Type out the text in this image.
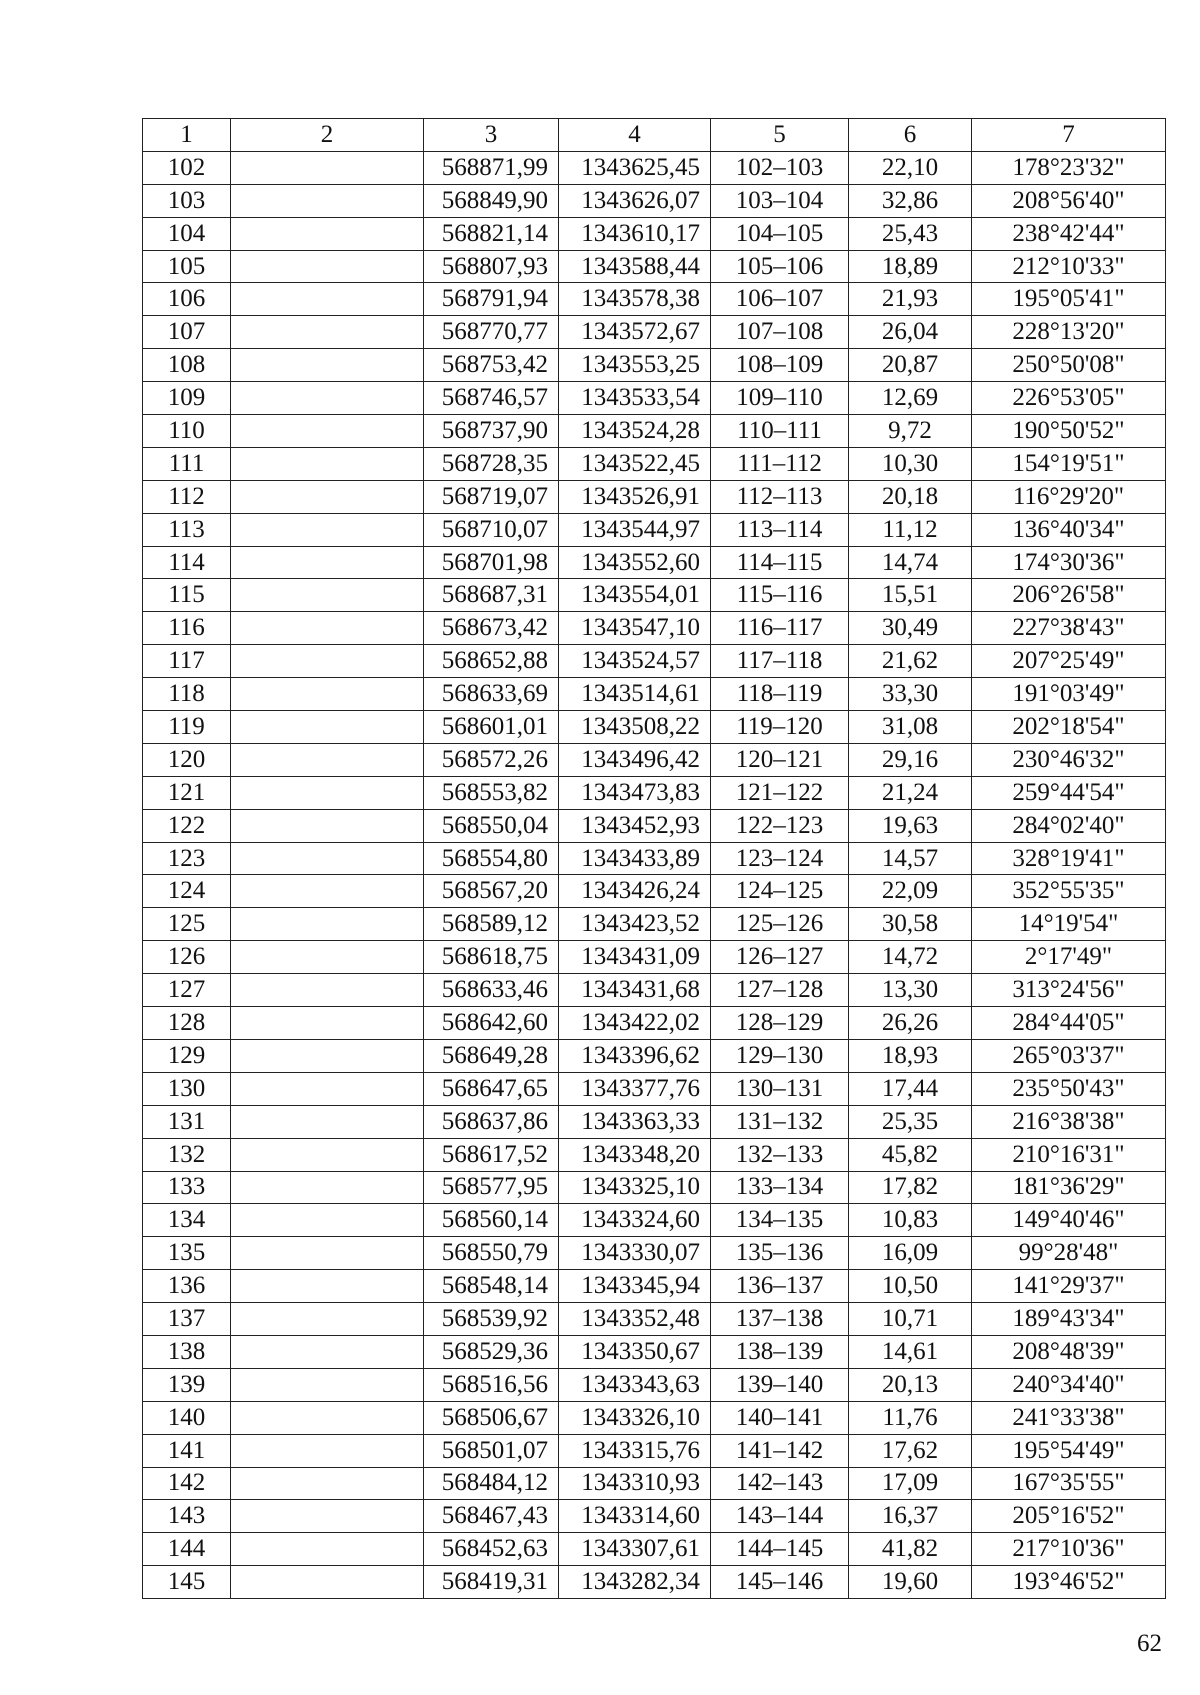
1	2	3	4	5	6	7
102		568871,99	1343625,45	102–103	22,10	178°23'32"
103		568849,90	1343626,07	103–104	32,86	208°56'40"
104		568821,14	1343610,17	104–105	25,43	238°42'44"
105		568807,93	1343588,44	105–106	18,89	212°10'33"
106		568791,94	1343578,38	106–107	21,93	195°05'41"
107		568770,77	1343572,67	107–108	26,04	228°13'20"
108		568753,42	1343553,25	108–109	20,87	250°50'08"
109		568746,57	1343533,54	109–110	12,69	226°53'05"
110		568737,90	1343524,28	110–111	9,72	190°50'52"
111		568728,35	1343522,45	111–112	10,30	154°19'51"
112		568719,07	1343526,91	112–113	20,18	116°29'20"
113		568710,07	1343544,97	113–114	11,12	136°40'34"
114		568701,98	1343552,60	114–115	14,74	174°30'36"
115		568687,31	1343554,01	115–116	15,51	206°26'58"
116		568673,42	1343547,10	116–117	30,49	227°38'43"
117		568652,88	1343524,57	117–118	21,62	207°25'49"
118		568633,69	1343514,61	118–119	33,30	191°03'49"
119		568601,01	1343508,22	119–120	31,08	202°18'54"
120		568572,26	1343496,42	120–121	29,16	230°46'32"
121		568553,82	1343473,83	121–122	21,24	259°44'54"
122		568550,04	1343452,93	122–123	19,63	284°02'40"
123		568554,80	1343433,89	123–124	14,57	328°19'41"
124		568567,20	1343426,24	124–125	22,09	352°55'35"
125		568589,12	1343423,52	125–126	30,58	14°19'54"
126		568618,75	1343431,09	126–127	14,72	2°17'49"
127		568633,46	1343431,68	127–128	13,30	313°24'56"
128		568642,60	1343422,02	128–129	26,26	284°44'05"
129		568649,28	1343396,62	129–130	18,93	265°03'37"
130		568647,65	1343377,76	130–131	17,44	235°50'43"
131		568637,86	1343363,33	131–132	25,35	216°38'38"
132		568617,52	1343348,20	132–133	45,82	210°16'31"
133		568577,95	1343325,10	133–134	17,82	181°36'29"
134		568560,14	1343324,60	134–135	10,83	149°40'46"
135		568550,79	1343330,07	135–136	16,09	99°28'48"
136		568548,14	1343345,94	136–137	10,50	141°29'37"
137		568539,92	1343352,48	137–138	10,71	189°43'34"
138		568529,36	1343350,67	138–139	14,61	208°48'39"
139		568516,56	1343343,63	139–140	20,13	240°34'40"
140		568506,67	1343326,10	140–141	11,76	241°33'38"
141		568501,07	1343315,76	141–142	17,62	195°54'49"
142		568484,12	1343310,93	142–143	17,09	167°35'55"
143		568467,43	1343314,60	143–144	16,37	205°16'52"
144		568452,63	1343307,61	144–145	41,82	217°10'36"
145		568419,31	1343282,34	145–146	19,60	193°46'52"
62
